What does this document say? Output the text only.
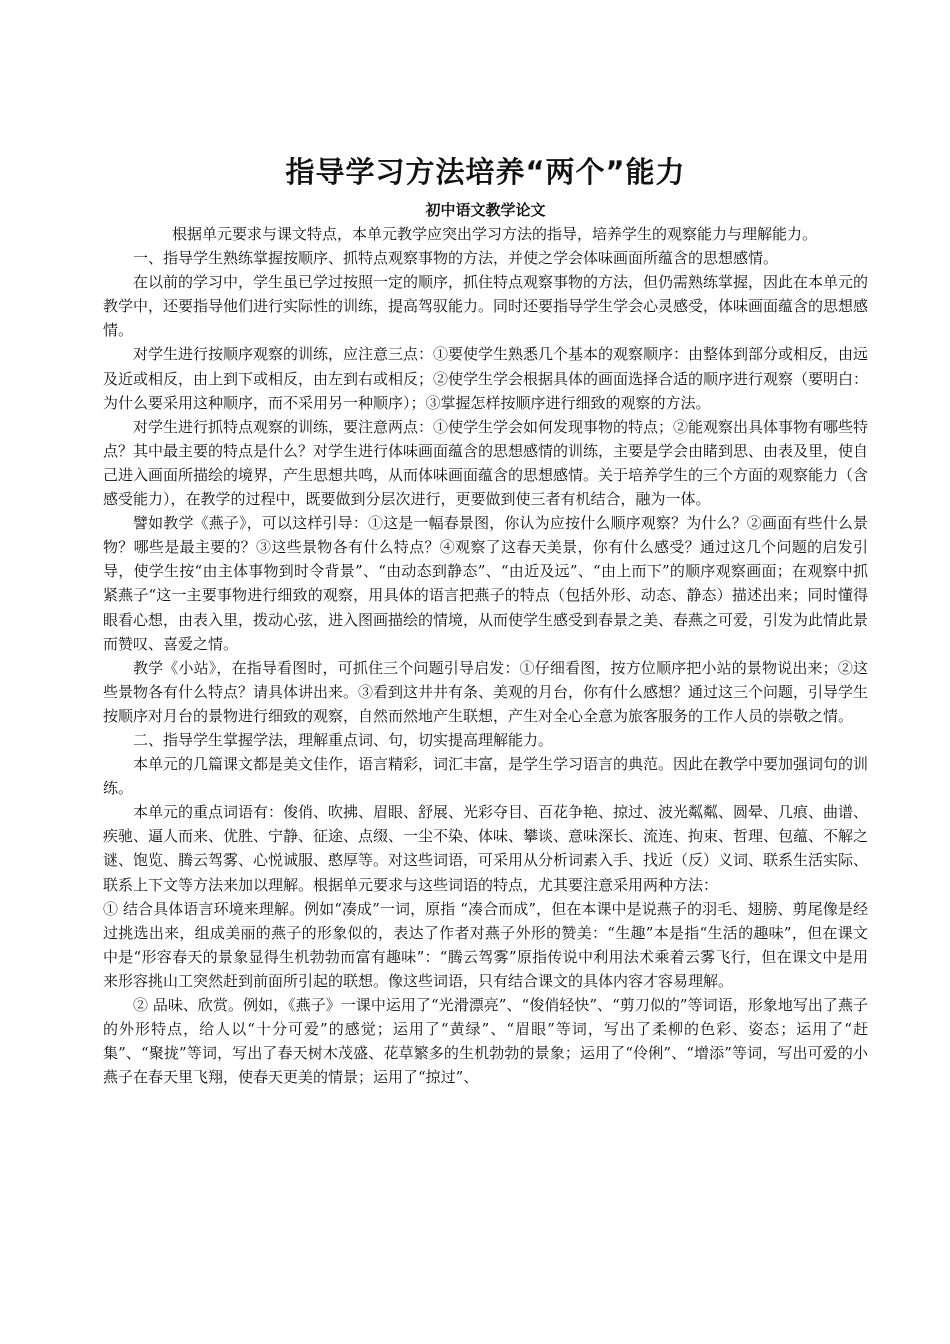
指导学习方法培养“两个”能力
初中语文教学论文

根据单元要求与课文特点，本单元教学应突出学习方法的指导，培养学生的观察能力与理解能力。

一、指导学生熟练掌握按顺序、抓特点观察事物的方法，并使之学会体味画面所蕴含的思想感情。

在以前的学习中，学生虽已学过按照一定的顺序，抓住特点观察事物的方法，但仍需熟练掌握，因此在本单元的教学中，还要指导他们进行实际性的训练，提高驾驭能力。同时还要指导学生学会心灵感受，体味画面蕴含的思想感情。

对学生进行按顺序观察的训练，应注意三点：①要使学生熟悉几个基本的观察顺序：由整体到部分或相反，由远及近或相反，由上到下或相反，由左到右或相反；②使学生学会根据具体的画面选择合适的顺序进行观察（要明白：为什么要采用这种顺序，而不采用另一种顺序）；③掌握怎样按顺序进行细致的观察的方法。

对学生进行抓特点观察的训练，要注意两点：①使学生学会如何发现事物的特点；②能观察出具体事物有哪些特点？其中最主要的特点是什么？对学生进行体味画面蕴含的思想感情的训练，主要是学会由睹到思、由表及里，使自己进入画面所描绘的境界，产生思想共鸣，从而体味画面蕴含的思想感情。关于培养学生的三个方面的观察能力（含感受能力），在教学的过程中，既要做到分层次进行，更要做到使三者有机结合，融为一体。

譬如教学《燕子》，可以这样引导：①这是一幅春景图，你认为应按什么顺序观察？为什么？②画面有些什么景物？哪些是最主要的？③这些景物各有什么特点？④观察了这春天美景，你有什么感受？通过这几个问题的启发引导，使学生按“由主体事物到时令背景”、“由动态到静态”、“由近及远”、“由上而下”的顺序观察画面；在观察中抓紧燕子“这一主要事物进行细致的观察，用具体的语言把燕子的特点（包括外形、动态、静态）描述出来；同时懂得眼看心想，由表入里，拨动心弦，进入图画描绘的情境，从而使学生感受到春景之美、春燕之可爱，引发为此情此景而赞叹、喜爱之情。

教学《小站》，在指导看图时，可抓住三个问题引导启发：①仔细看图，按方位顺序把小站的景物说出来；②这些景物各有什么特点？请具体讲出来。③看到这井井有条、美观的月台，你有什么感想？通过这三个问题，引导学生按顺序对月台的景物进行细致的观察，自然而然地产生联想，产生对全心全意为旅客服务的工作人员的崇敬之情。

二、指导学生掌握学法，理解重点词、句，切实提高理解能力。

本单元的几篇课文都是美文佳作，语言精彩，词汇丰富，是学生学习语言的典范。因此在教学中要加强词句的训练。

本单元的重点词语有：俊俏、吹拂、眉眼、舒展、光彩夺目、百花争艳、掠过、波光粼粼、圆晕、几痕、曲谱、疾驰、逼人而来、优胜、宁静、征途、点缀、一尘不染、体味、攀谈、意味深长、流连、拘束、哲理、包蕴、不解之谜、饱览、腾云驾雾、心悦诚服、憨厚等。对这些词语，可采用从分析词素入手、找近（反）义词、联系生活实际、联系上下文等方法来加以理解。根据单元要求与这些词语的特点，尤其要注意采用两种方法：

① 结合具体语言环境来理解。例如“凑成”一词，原指 “凑合而成”，但在本课中是说燕子的羽毛、翅膀、剪尾像是经过挑选出来，组成美丽的燕子的形象似的，表达了作者对燕子外形的赞美：“生趣”本是指“生活的趣味”，但在课文中是“形容春天的景象显得生机勃勃而富有趣味”：“腾云驾雾”原指传说中利用法术乘着云雾飞行，但在课文中是用来形容挑山工突然赶到前面所引起的联想。像这些词语，只有结合课文的具体内容才容易理解。

② 品味、欣赏。例如，《燕子》一课中运用了“光滑漂亮”、“俊俏轻快”、“剪刀似的”等词语，形象地写出了燕子的外形特点，给人以“十分可爱”的感觉；运用了“黄绿”、“眉眼”等词，写出了柔柳的色彩、姿态；运用了“赶集”、“聚拢”等词，写出了春天树木茂盛、花草繁多的生机勃勃的景象；运用了“伶俐”、“增添”等词，写出可爱的小燕子在春天里飞翔，使春天更美的情景；运用了“掠过”、
